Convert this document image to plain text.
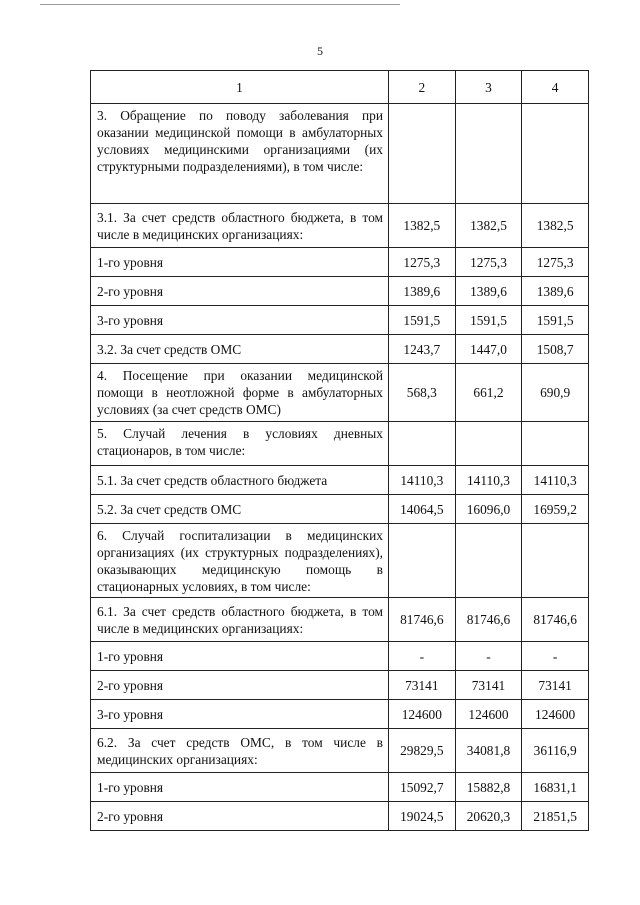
5
1	2	3	4
3. Обращение по поводу заболевания при оказании медицинской помощи в амбулаторных условиях медицинскими организациями (их структурными подразделениями), в том числе:			
3.1. За счет средств областного бюджета, в том числе в медицинских организациях:	1382,5	1382,5	1382,5
1-го уровня	1275,3	1275,3	1275,3
2-го уровня	1389,6	1389,6	1389,6
3-го уровня	1591,5	1591,5	1591,5
3.2. За счет средств ОМС	1243,7	1447,0	1508,7
4. Посещение при оказании медицинской помощи в неотложной форме в амбулаторных условиях (за счет средств ОМС)	568,3	661,2	690,9
5. Случай лечения в условиях дневных стационаров, в том числе:			
5.1. За счет средств областного бюджета	14110,3	14110,3	14110,3
5.2. За счет средств ОМС	14064,5	16096,0	16959,2
6. Случай госпитализации в медицинских организациях (их структурных подразделениях), оказывающих медицинскую помощь в стационарных условиях, в том числе:			
6.1. За счет средств областного бюджета, в том числе в медицинских организациях:	81746,6	81746,6	81746,6
1-го уровня	-	-	-
2-го уровня	73141	73141	73141
3-го уровня	124600	124600	124600
6.2. За счет средств ОМС, в том числе в медицинских организациях:	29829,5	34081,8	36116,9
1-го уровня	15092,7	15882,8	16831,1
2-го уровня	19024,5	20620,3	21851,5
